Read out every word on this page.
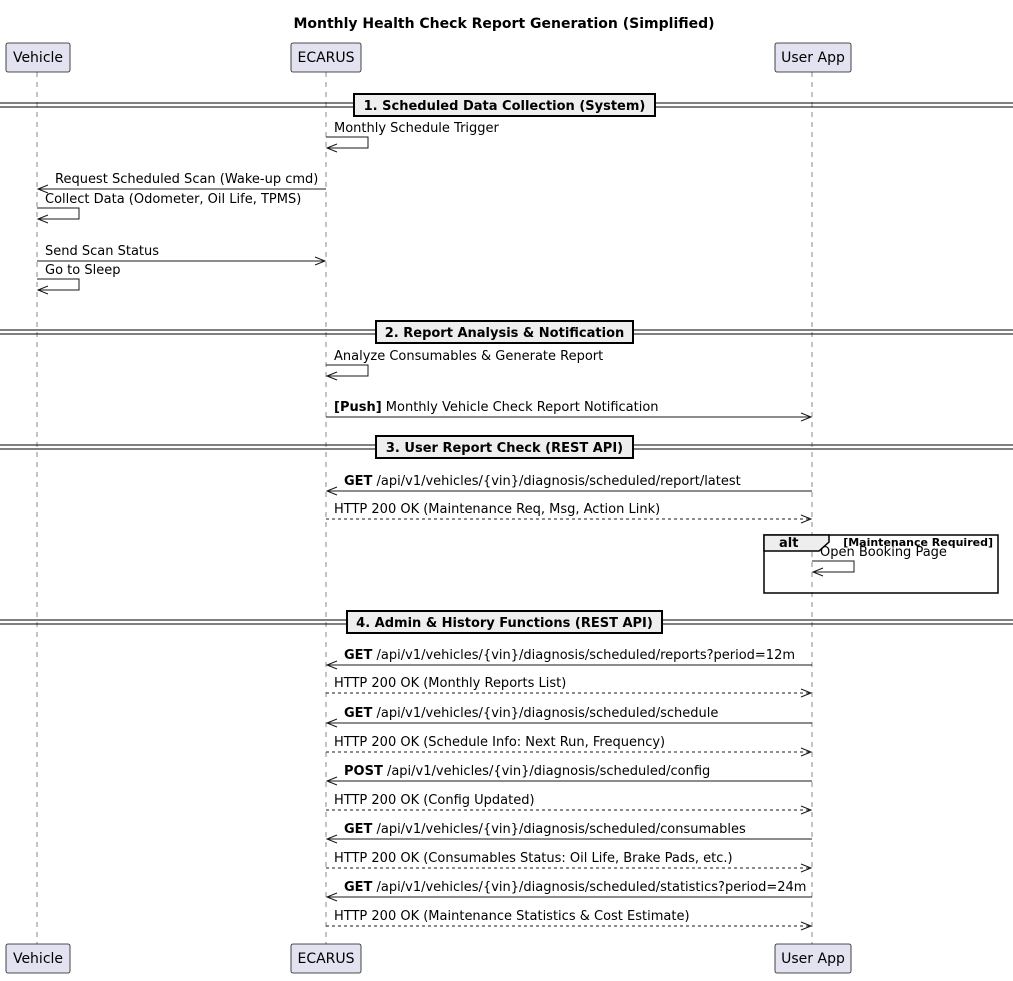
Monthly Health Check Report Generation (Simplified)
Vehicle
Vehicle
ECARUS
ECARUS
User App
User App
1. Scheduled Data Collection (System)
2. Report Analysis & Notification
3. User Report Check (REST API)
4. Admin & History Functions (REST API)
alt	[Maintenance Required]
Monthly Schedule Trigger
Request Scheduled Scan (Wake-up cmd)
Collect Data (Odometer, Oil Life, TPMS)
Send Scan Status
Go to Sleep
Analyze Consumables & Generate Report
[Push] Monthly Vehicle Check Report Notification
GET /api/v1/vehicles/{vin}/diagnosis/scheduled/report/latest
HTTP 200 OK (Maintenance Req, Msg, Action Link)
Open Booking Page
GET /api/v1/vehicles/{vin}/diagnosis/scheduled/reports?period=12m
HTTP 200 OK (Monthly Reports List)
GET /api/v1/vehicles/{vin}/diagnosis/scheduled/schedule
HTTP 200 OK (Schedule Info: Next Run, Frequency)
POST /api/v1/vehicles/{vin}/diagnosis/scheduled/config
HTTP 200 OK (Config Updated)
GET /api/v1/vehicles/{vin}/diagnosis/scheduled/consumables
HTTP 200 OK (Consumables Status: Oil Life, Brake Pads, etc.)
GET /api/v1/vehicles/{vin}/diagnosis/scheduled/statistics?period=24m
HTTP 200 OK (Maintenance Statistics & Cost Estimate)
